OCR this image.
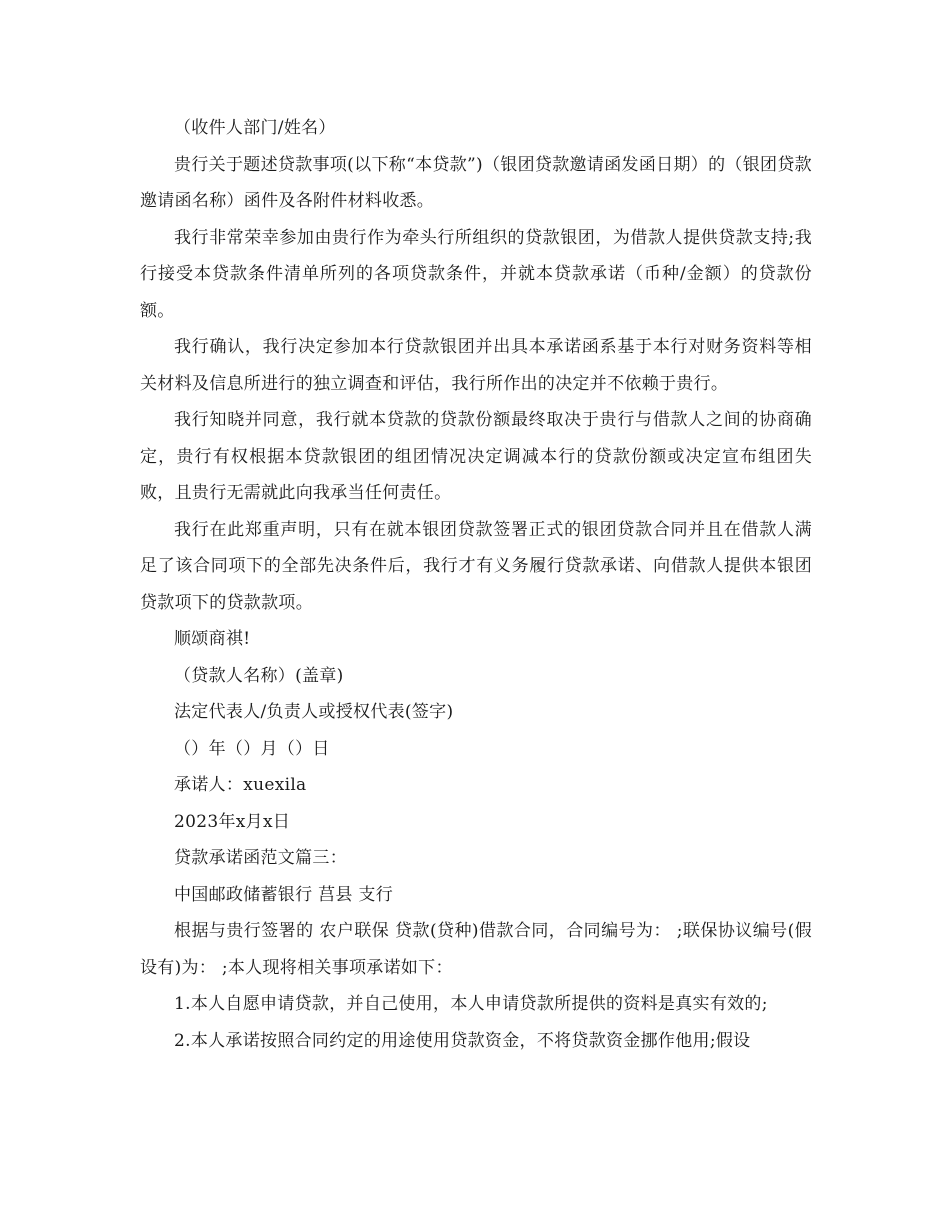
（收件人部门/姓名）

贵行关于题述贷款事项(以下称“本贷款”)（银团贷款邀请函发函日期）的（银团贷款邀请函名称）函件及各附件材料收悉。

我行非常荣幸参加由贵行作为牵头行所组织的贷款银团，为借款人提供贷款支持;我行接受本贷款条件清单所列的各项贷款条件，并就本贷款承诺（币种/金额）的贷款份额。

我行确认，我行决定参加本行贷款银团并出具本承诺函系基于本行对财务资料等相关材料及信息所进行的独立调查和评估，我行所作出的决定并不依赖于贵行。

我行知晓并同意，我行就本贷款的贷款份额最终取决于贵行与借款人之间的协商确定，贵行有权根据本贷款银团的组团情况决定调减本行的贷款份额或决定宣布组团失败，且贵行无需就此向我承当任何责任。

我行在此郑重声明，只有在就本银团贷款签署正式的银团贷款合同并且在借款人满足了该合同项下的全部先决条件后，我行才有义务履行贷款承诺、向借款人提供本银团贷款项下的贷款款项。

顺颂商祺!

（贷款人名称）(盖章)

法定代表人/负责人或授权代表(签字)

（）年（）月（）日

承诺人：xuexila

2023年x月x日

贷款承诺函范文篇三：

中国邮政储蓄银行 莒县 支行

根据与贵行签署的 农户联保 贷款(贷种)借款合同，合同编号为： ;联保协议编号(假设有)为： ;本人现将相关事项承诺如下：

1.本人自愿申请贷款，并自己使用，本人申请贷款所提供的资料是真实有效的;

2.本人承诺按照合同约定的用途使用贷款资金，不将贷款资金挪作他用;假设
